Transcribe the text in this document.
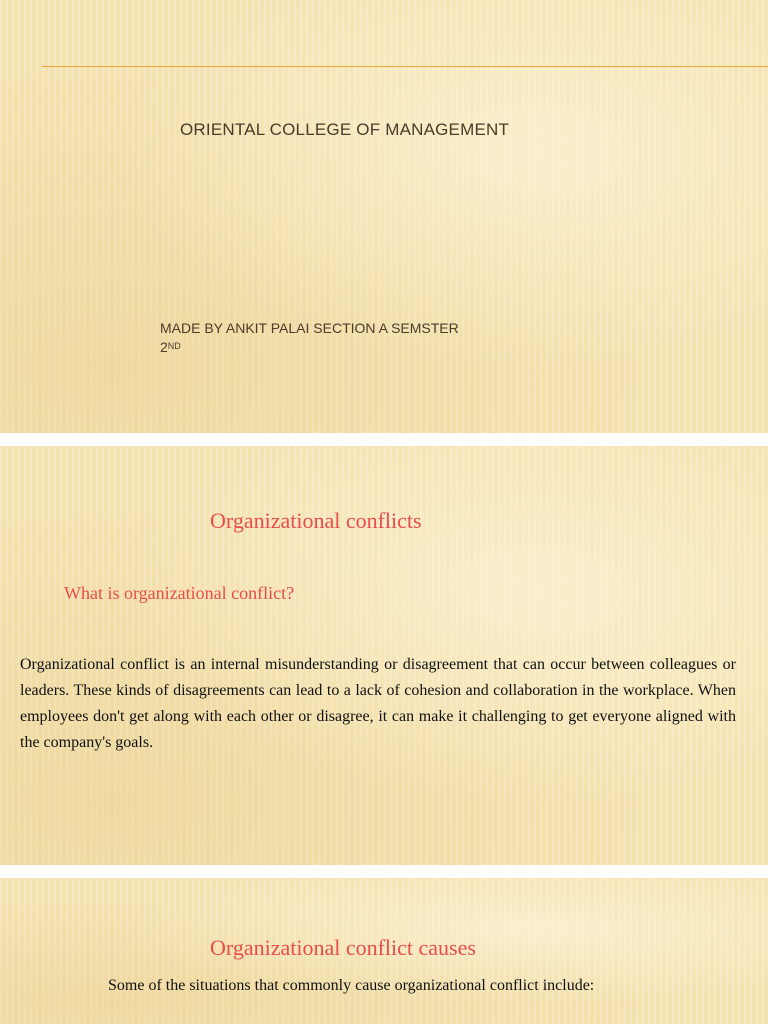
ORIENTAL COLLEGE OF MANAGEMENT
MADE BY ANKIT PALAI SECTION A SEMSTER
2ND
Organizational conflicts
What is organizational conflict?
Organizational conflict is an internal misunderstanding or disagreement that can occur between colleagues or leaders. These kinds of disagreements can lead to a lack of cohesion and collaboration in the workplace. When employees don't get along with each other or disagree, it can make it challenging to get everyone aligned with the company's goals.
Organizational conflict causes
Some of the situations that commonly cause organizational conflict include:
